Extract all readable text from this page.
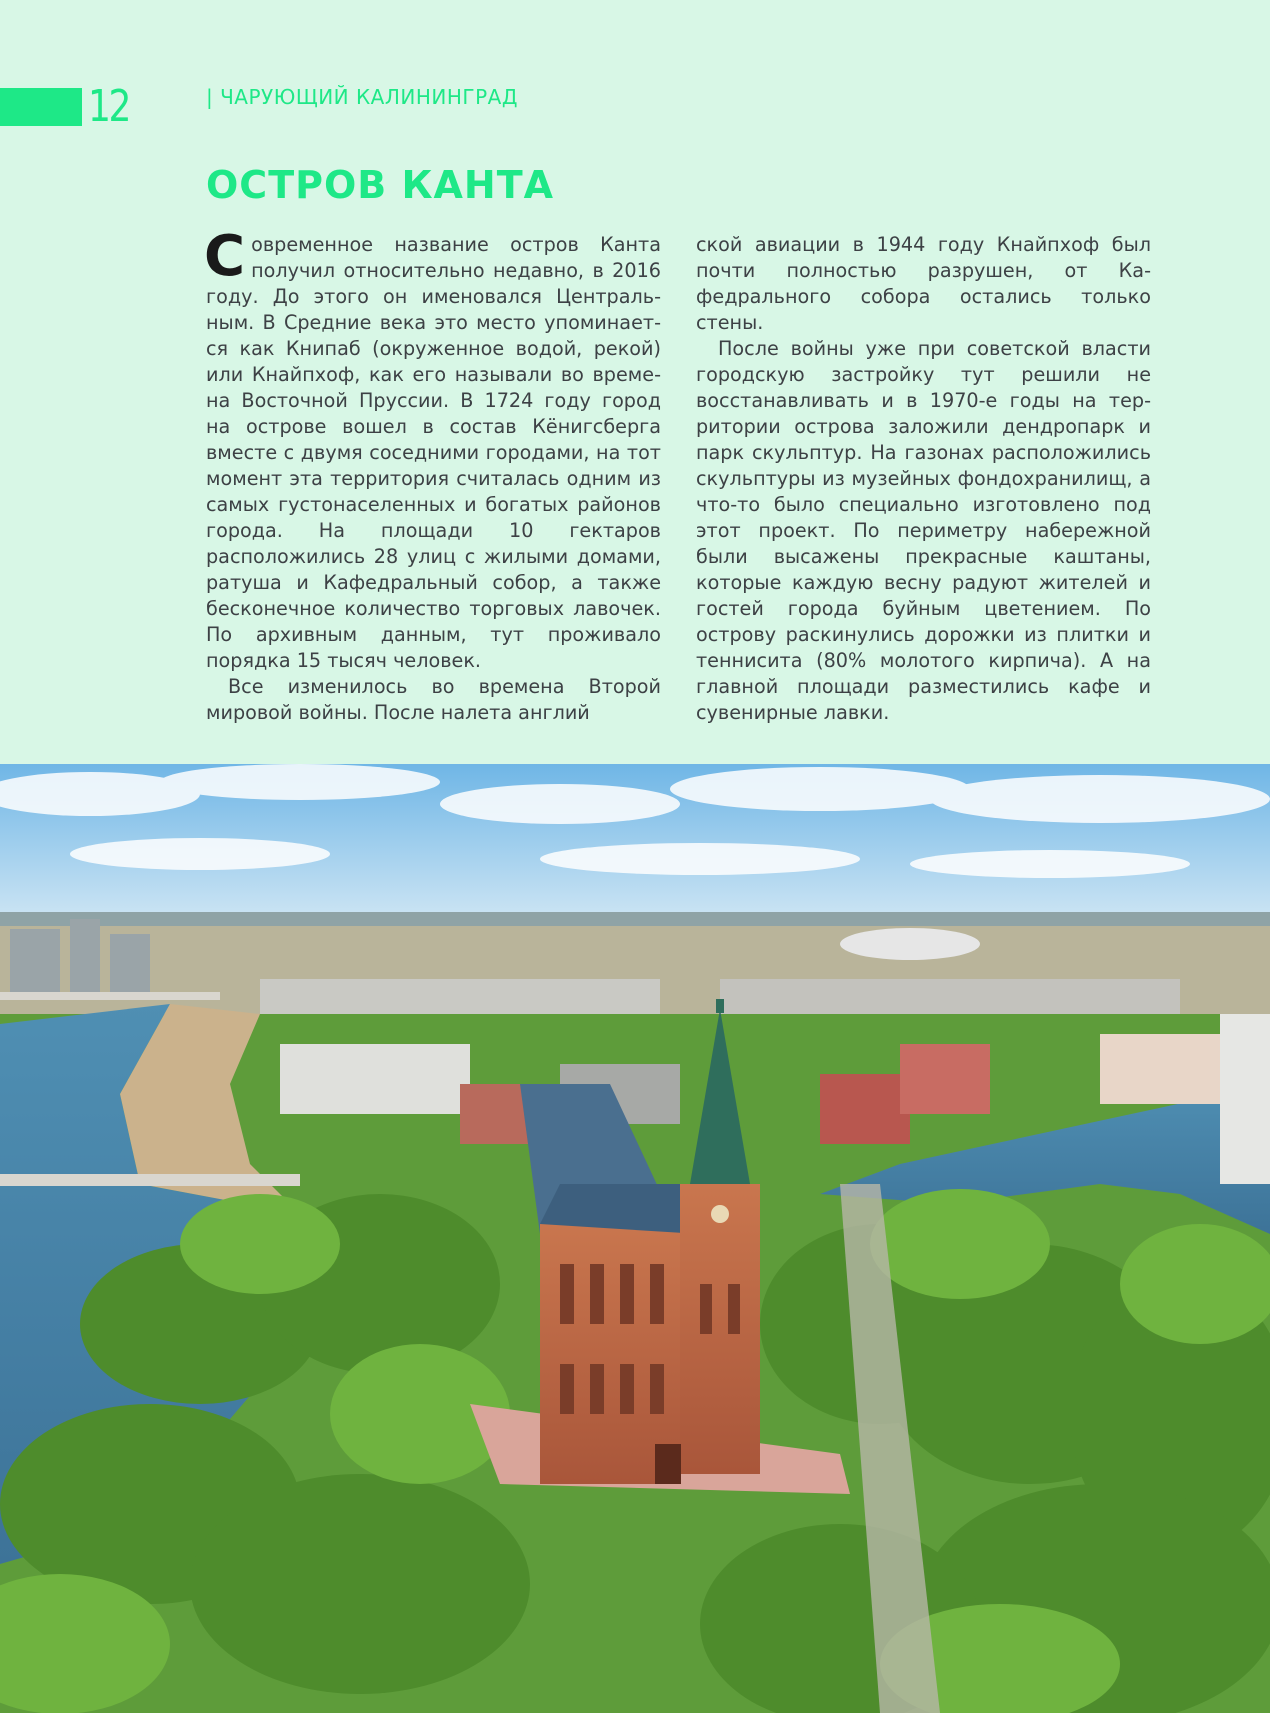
12	| ЧАРУЮЩИЙ КАЛИНИНГРАД
ОСТРОВ КАНТА

Современное название остров Канта получил относительно недавно, в 2016 году. До этого он именовался Центральным. В Средние века это место упоминается как Книпаб (окруженное водой, рекой) или Кнайпхоф, как его называли во времена Восточной Пруссии. В 1724 году город на острове вошел в состав Кёнигсберга вместе с двумя соседними городами, на тот момент эта территория считалась одним из самых густонаселенных и богатых районов города. На площади 10 гектаров расположились 28 улиц с жилыми домами, ратуша и Кафедральный собор, а также бесконечное количество торговых лавочек. По архивным данным, тут проживало порядка 15 тысяч человек.

Все изменилось во времена Второй мировой войны. После налета англий

ской авиации в 1944 году Кнайпхоф был почти полностью разрушен, от Кафедрального собора остались только стены.

После войны уже при советской власти городскую застройку тут решили не восстанавливать и в 1970-е годы на территории острова заложили дендропарк и парк скульптур. На газонах расположились скульптуры из музейных фондохранилищ, а что-то было специально изготовлено под этот проект. По периметру набережной были высажены прекрасные каштаны, которые каждую весну радуют жителей и гостей города буйным цветением. По острову раскинулись дорожки из плитки и теннисита (80% молотого кирпича). А на главной площади разместились кафе и сувенирные лавки.
